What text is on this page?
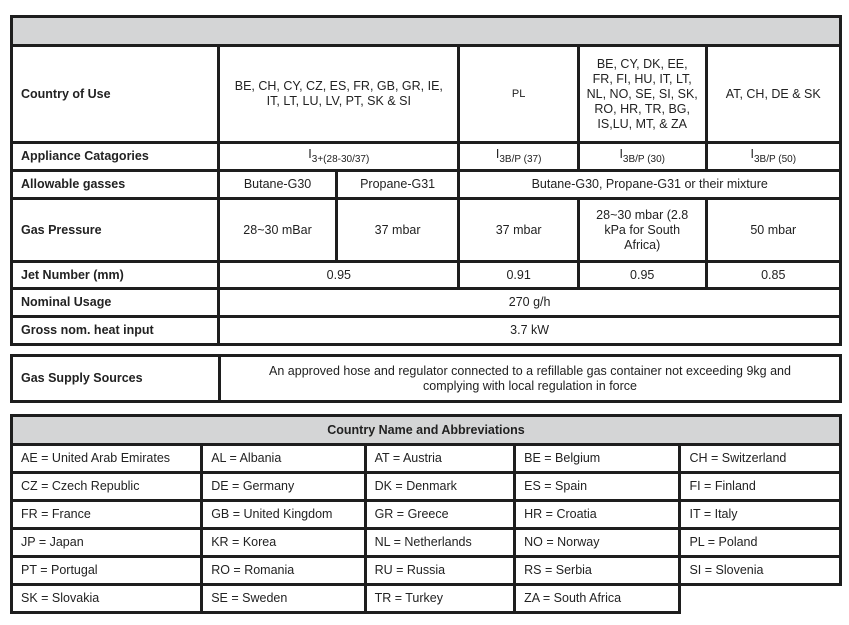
Country of Use	BE, CH, CY, CZ, ES, FR, GB, GR, IE, IT, LT, LU, LV, PT, SK & SI		PL	BE, CY, DK, EE, FR, FI, HU, IT, LT, NL, NO, SE, SI, SK, RO, HR, TR, BG, IS,LU, MT, & ZA	AT, CH, DE & SK
Appliance Catagories	$I_{3+(28-30/37)}$		$I_{3B/P (37)}$	$I_{3B/P (30)}$	$I_{3B/P (50)}$
Allowable gasses	Butane-G30	Propane-G31	Butane-G30, Propane-G31 or their mixture		
Gas Pressure	28~30 mBar	37 mbar	37 mbar	28~30 mbar (2.8 kPa for South Africa)	50 mbar
Jet Number (mm)	0.95		0.91	0.95	0.85
Nominal Usage	270 g/h				
Gross nom. heat input	3.7 kW				
Gas Supply Sources	An approved hose and regulator connected to a refillable gas container not exceeding 9kg and complying with local regulation in force
Country Name and Abbreviations				
AE = United Arab Emirates	AL = Albania	AT = Austria	BE = Belgium	CH = Switzerland
CZ = Czech Republic	DE = Germany	DK = Denmark	ES = Spain	FI = Finland
FR = France	GB = United Kingdom	GR = Greece	HR = Croatia	IT = Italy
JP = Japan	KR = Korea	NL = Netherlands	NO = Norway	PL = Poland
PT = Portugal	RO = Romania	RU = Russia	RS = Serbia	SI = Slovenia
SK = Slovakia	SE = Sweden	TR = Turkey	ZA = South Africa	
